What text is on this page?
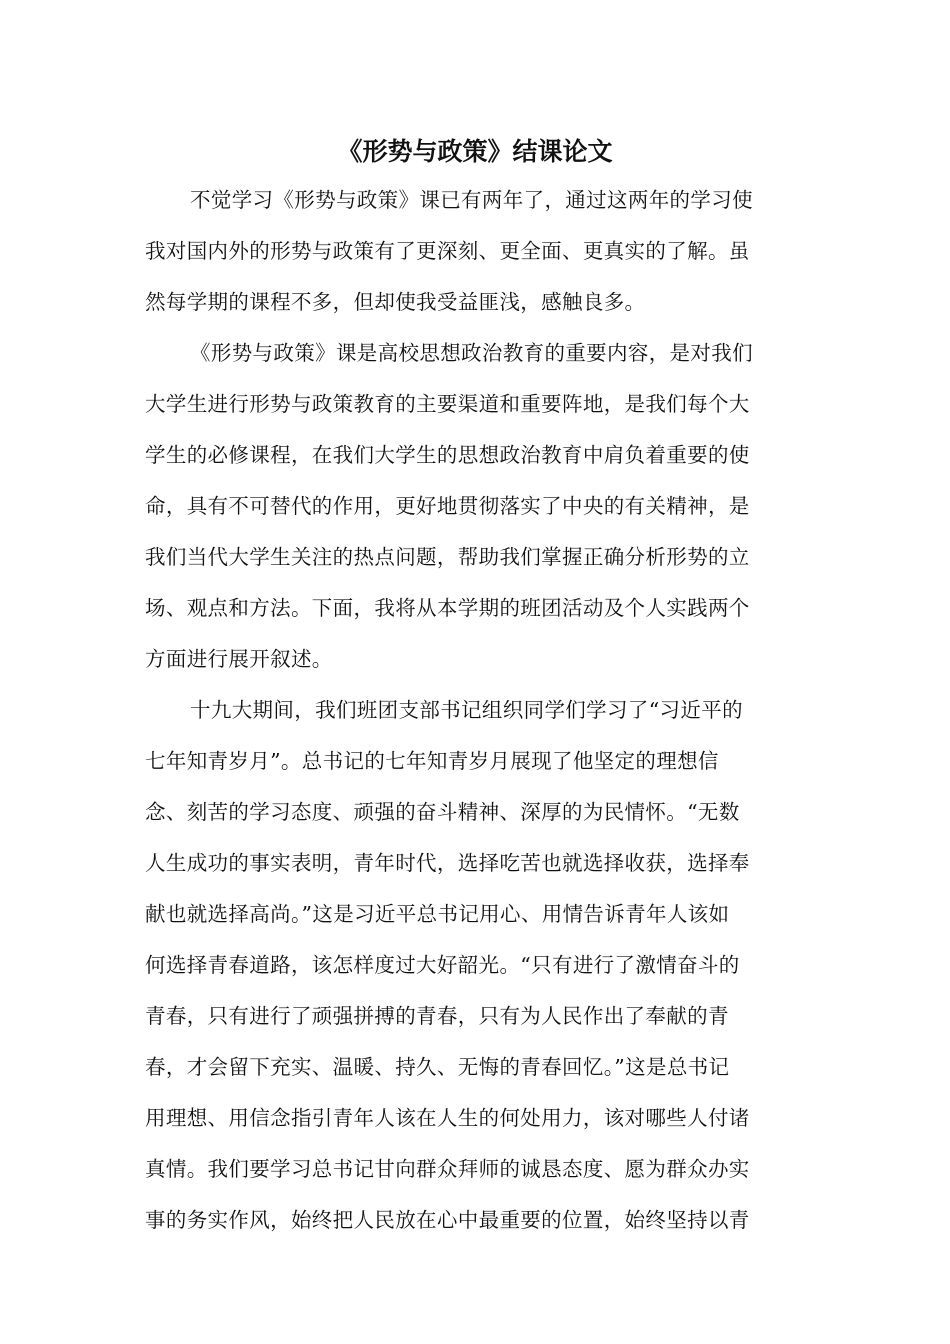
《形势与政策》结课论文
不觉学习《形势与政策》课已有两年了，通过这两年的学习使
我对国内外的形势与政策有了更深刻、更全面、更真实的了解。虽
然每学期的课程不多，但却使我受益匪浅，感触良多。
《形势与政策》课是高校思想政治教育的重要内容，是对我们
大学生进行形势与政策教育的主要渠道和重要阵地，是我们每个大
学生的必修课程，在我们大学生的思想政治教育中肩负着重要的使
命，具有不可替代的作用，更好地贯彻落实了中央的有关精神，是
我们当代大学生关注的热点问题，帮助我们掌握正确分析形势的立
场、观点和方法。下面，我将从本学期的班团活动及个人实践两个
方面进行展开叙述。
十九大期间，我们班团支部书记组织同学们学习了“习近平的
七年知青岁月”。总书记的七年知青岁月展现了他坚定的理想信
念、刻苦的学习态度、顽强的奋斗精神、深厚的为民情怀。“无数
人生成功的事实表明，青年时代，选择吃苦也就选择收获，选择奉
献也就选择高尚。”这是习近平总书记用心、用情告诉青年人该如
何选择青春道路，该怎样度过大好韶光。“只有进行了激情奋斗的
青春，只有进行了顽强拼搏的青春，只有为人民作出了奉献的青
春，才会留下充实、温暖、持久、无悔的青春回忆。”这是总书记
用理想、用信念指引青年人该在人生的何处用力，该对哪些人付诸
真情。我们要学习总书记甘向群众拜师的诚恳态度、愿为群众办实
事的务实作风，始终把人民放在心中最重要的位置，始终坚持以青
